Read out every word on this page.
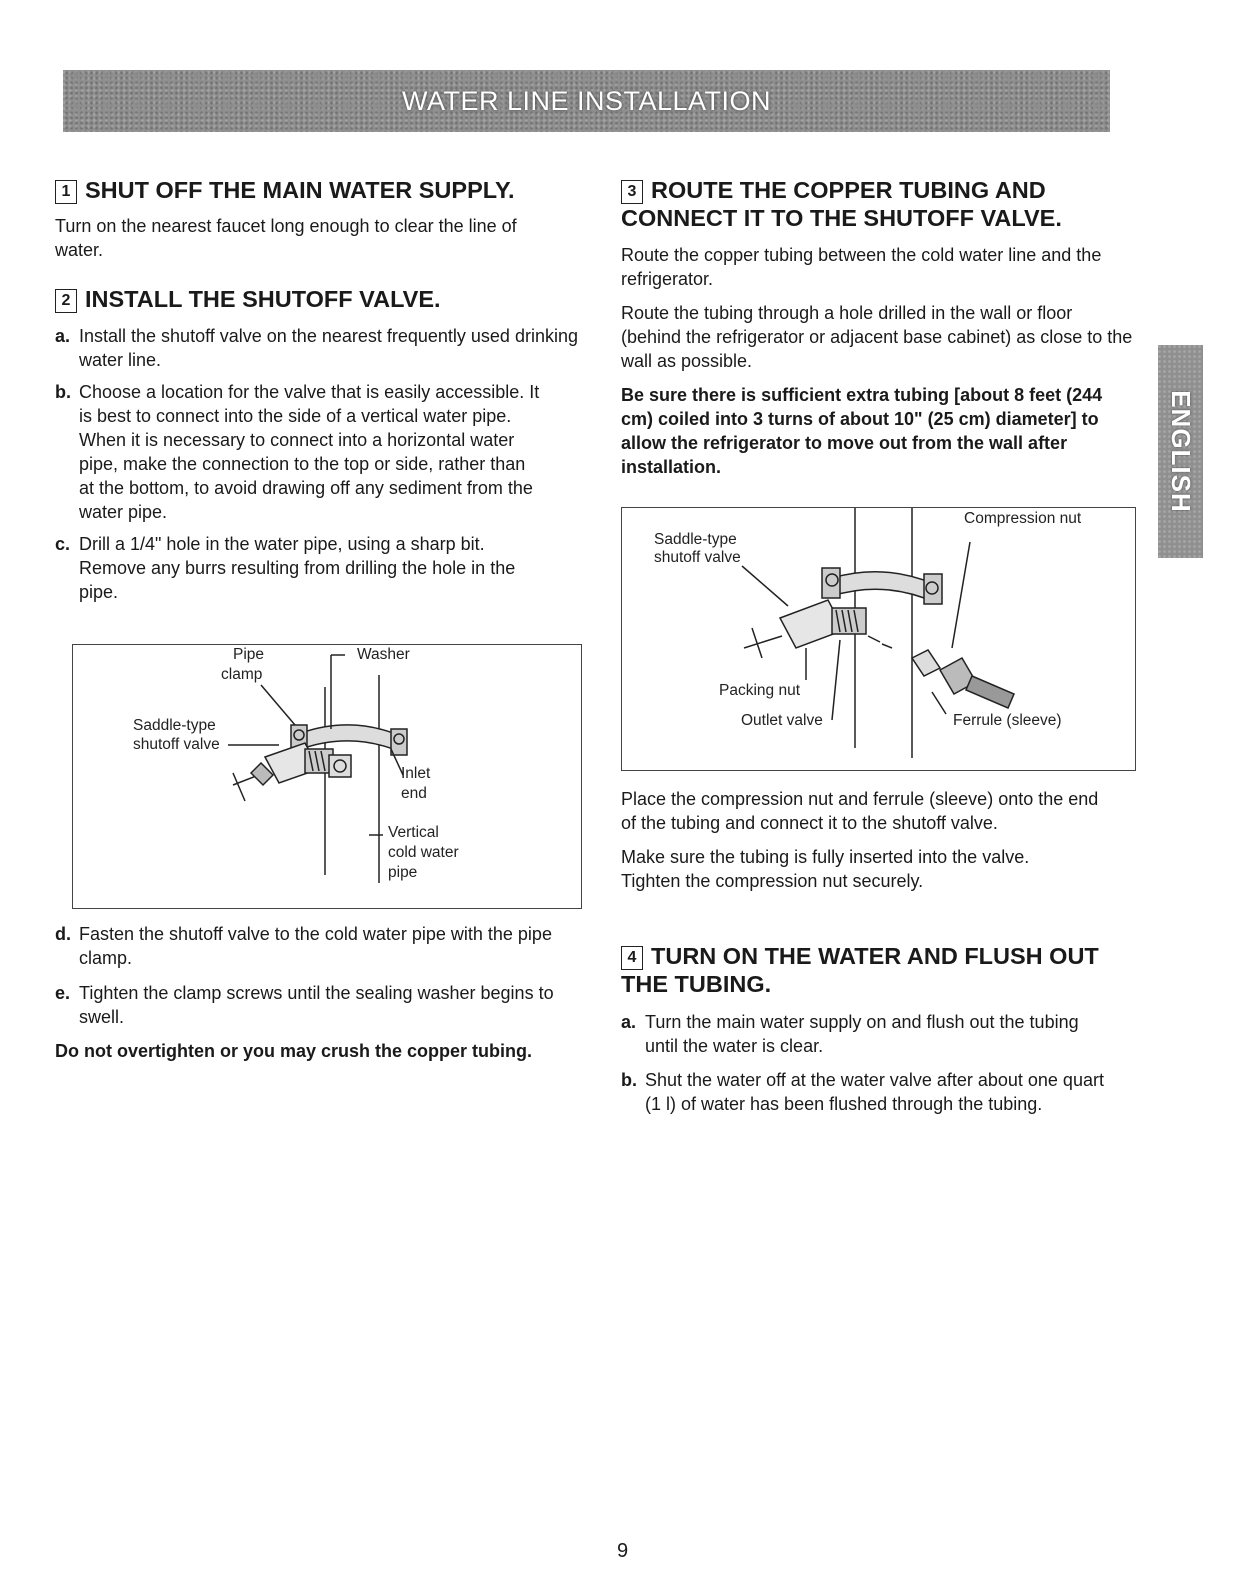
WATER LINE INSTALLATION
ENGLISH
1 SHUT OFF THE MAIN WATER SUPPLY.

Turn on the nearest faucet long enough to clear the line of water.

2 INSTALL THE SHUTOFF VALVE.
a. Install the shutoff valve on the nearest frequently used drinking water line.
b. Choose a location for the valve that is easily accessible. It is best to connect into the side of a vertical water pipe. When it is necessary to connect into a horizontal water pipe, make the connection to the top or side, rather than at the bottom, to avoid drawing off any sediment from the water pipe.
c. Drill a 1/4" hole in the water pipe, using a sharp bit. Remove any burrs resulting from drilling the hole in the pipe.
Pipe
clamp
Washer
Saddle-type
shutoff valve
Inlet
end
Vertical
cold water
pipe
d. Fasten the shutoff valve to the cold water pipe with the pipe clamp.
e. Tighten the clamp screws until the sealing washer begins to swell.

Do not overtighten or you may crush the copper tubing.

3 ROUTE THE COPPER TUBING AND
CONNECT IT TO THE SHUTOFF VALVE.

Route the copper tubing between the cold water line and the refrigerator.

Route the tubing through a hole drilled in the wall or floor (behind the refrigerator or adjacent base cabinet) as close to the wall as possible.

Be sure there is sufficient extra tubing [about 8 feet (244 cm) coiled into 3 turns of about 10" (25 cm) diameter] to allow the refrigerator to move out from the wall after installation.

Saddle-type
shutoff valve
Compression nut
Packing nut
Outlet valve	Ferrule (sleeve)

Place the compression nut and ferrule (sleeve) onto the end of the tubing and connect it to the shutoff valve.

Make sure the tubing is fully inserted into the valve. Tighten the compression nut securely.

4 TURN ON THE WATER AND FLUSH OUT
THE TUBING.
a. Turn the main water supply on and flush out the tubing until the water is clear.
b. Shut the water off at the water valve after about one quart (1 l) of water has been flushed through the tubing.
9
